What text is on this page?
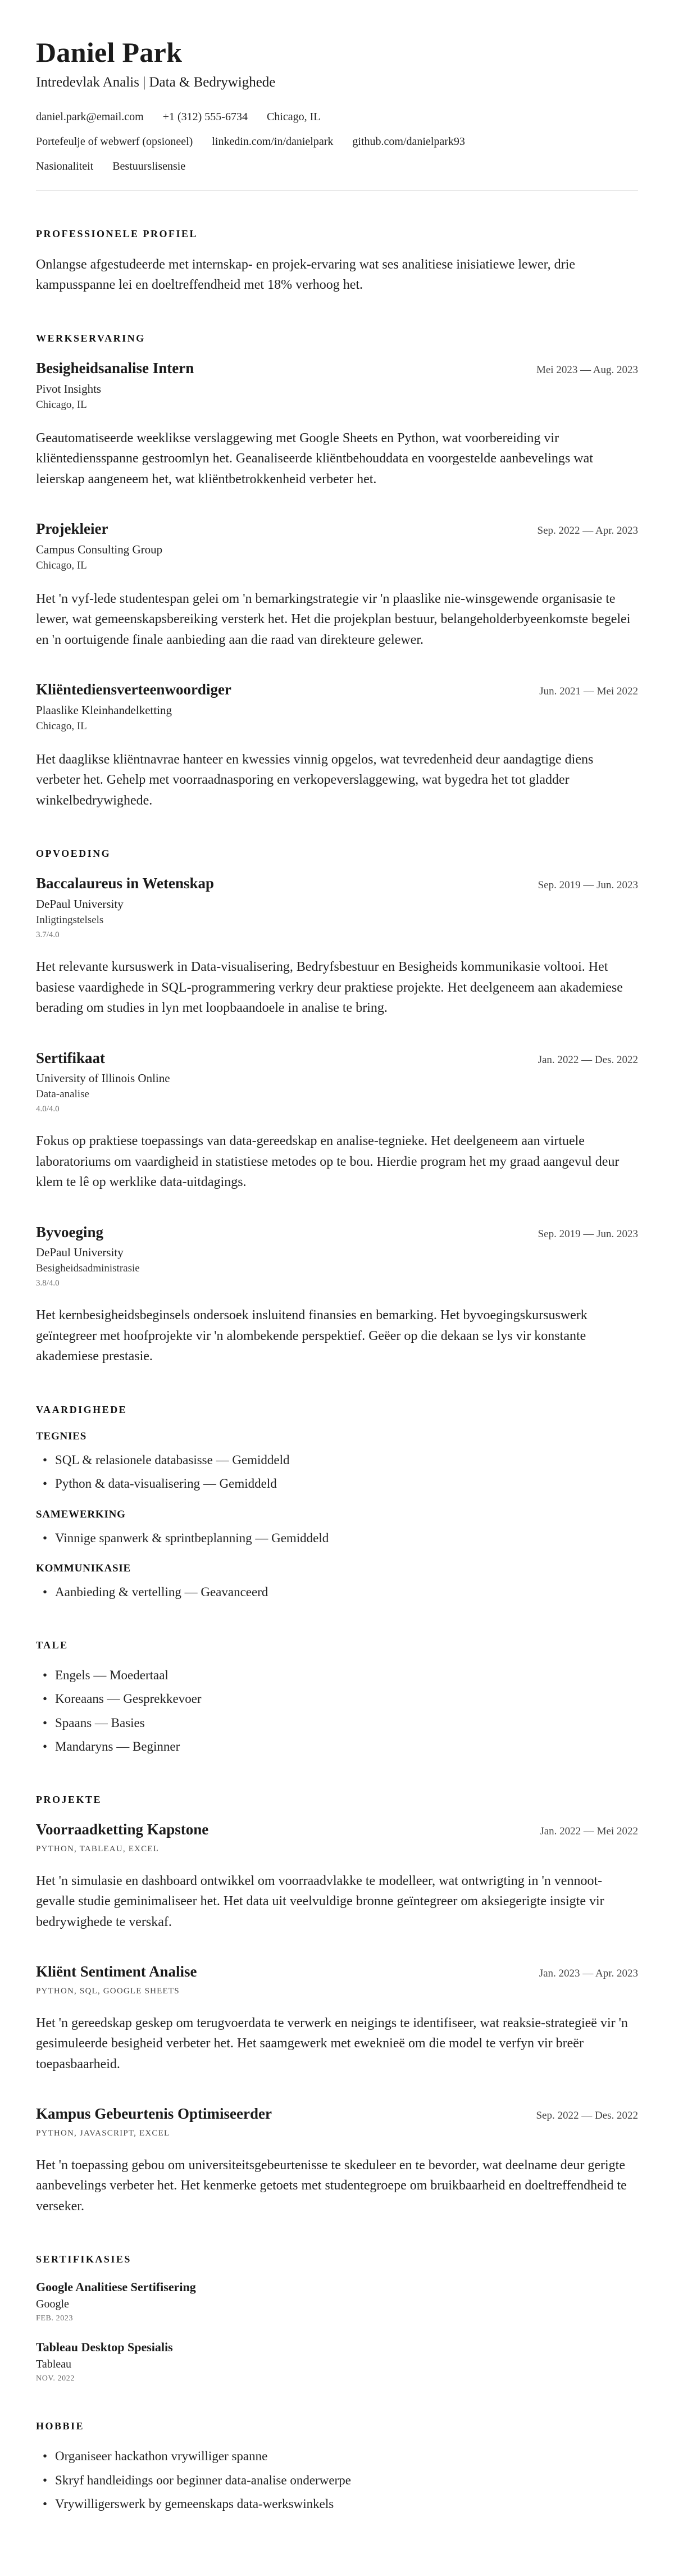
Daniel Park
Intredevlak Analis | Data & Bedrywighede
daniel.park@email.com +1 (312) 555-6734 Chicago, IL
Portefeulje of webwerf (opsioneel) linkedin.com/in/danielpark github.com/danielpark93
Nasionaliteit Bestuurslisensie
PROFESSIONELE PROFIEL

Onlangse afgestudeerde met internskap- en projek-ervaring wat ses analitiese inisiatiewe lewer, drie kampusspanne lei en doeltreffendheid met 18% verhoog het.

WERKSERVARING
Besigheidsanalise Intern	Mei 2023 — Aug. 2023
Pivot Insights
Chicago, IL

Geautomatiseerde weeklikse verslaggewing met Google Sheets en Python, wat voorbereiding vir kliëntediensspanne gestroomlyn het. Geanaliseerde kliëntbehouddata en voorgestelde aanbevelings wat leierskap aangeneem het, wat kliëntbetrokkenheid verbeter het.

Projekleier	Sep. 2022 — Apr. 2023
Campus Consulting Group
Chicago, IL

Het 'n vyf-lede studentespan gelei om 'n bemarkingstrategie vir 'n plaaslike nie-winsgewende organisasie te lewer, wat gemeenskapsbereiking versterk het. Het die projekplan bestuur, belangeholderbyeenkomste begelei en 'n oortuigende finale aanbieding aan die raad van direkteure gelewer.

Kliëntediensverteenwoordiger	Jun. 2021 — Mei 2022
Plaaslike Kleinhandelketting
Chicago, IL

Het daaglikse kliëntnavrae hanteer en kwessies vinnig opgelos, wat tevredenheid deur aandagtige diens verbeter het. Gehelp met voorraadnasporing en verkopeverslaggewing, wat bygedra het tot gladder winkelbedrywighede.

OPVOEDING
Baccalaureus in Wetenskap	Sep. 2019 — Jun. 2023
DePaul University
Inligtingstelsels
3.7/4.0

Het relevante kursuswerk in Data-visualisering, Bedryfsbestuur en Besigheids kommunikasie voltooi. Het basiese vaardighede in SQL-programmering verkry deur praktiese projekte. Het deelgeneem aan akademiese berading om studies in lyn met loopbaandoele in analise te bring.

Sertifikaat	Jan. 2022 — Des. 2022
University of Illinois Online
Data-analise
4.0/4.0

Fokus op praktiese toepassings van data-gereedskap en analise-tegnieke. Het deelgeneem aan virtuele laboratoriums om vaardigheid in statistiese metodes op te bou. Hierdie program het my graad aangevul deur klem te lê op werklike data-uitdagings.

Byvoeging	Sep. 2019 — Jun. 2023
DePaul University
Besigheidsadministrasie
3.8/4.0

Het kernbesigheidsbeginsels ondersoek insluitend finansies en bemarking. Het byvoegingskursuswerk geïntegreer met hoofprojekte vir 'n alombekende perspektief. Geëer op die dekaan se lys vir konstante akademiese prestasie.

VAARDIGHEDE
TEGNIES
• SQL & relasionele databasisse — Gemiddeld
• Python & data-visualisering — Gemiddeld
SAMEWERKING
• Vinnige spanwerk & sprintbeplanning — Gemiddeld
KOMMUNIKASIE
• Aanbieding & vertelling — Geavanceerd
TALE
• Engels — Moedertaal
• Koreaans — Gesprekkevoer
• Spaans — Basies
• Mandaryns — Beginner
PROJEKTE
Voorraadketting Kapstone	Jan. 2022 — Mei 2022
PYTHON, TABLEAU, EXCEL

Het 'n simulasie en dashboard ontwikkel om voorraadvlakke te modelleer, wat ontwrigting in 'n vennoot-gevalle studie geminimaliseer het. Het data uit veelvuldige bronne geïntegreer om aksiegerigte insigte vir bedrywighede te verskaf.

Kliënt Sentiment Analise	Jan. 2023 — Apr. 2023
PYTHON, SQL, GOOGLE SHEETS

Het 'n gereedskap geskep om terugvoerdata te verwerk en neigings te identifiseer, wat reaksie-strategieë vir 'n gesimuleerde besigheid verbeter het. Het saamgewerk met eweknieë om die model te verfyn vir breër toepasbaarheid.

Kampus Gebeurtenis Optimiseerder	Sep. 2022 — Des. 2022
PYTHON, JAVASCRIPT, EXCEL

Het 'n toepassing gebou om universiteitsgebeurtenisse te skeduleer en te bevorder, wat deelname deur gerigte aanbevelings verbeter het. Het kenmerke getoets met studentegroepe om bruikbaarheid en doeltreffendheid te verseker.

SERTIFIKASIES
Google Analitiese Sertifisering
Google
FEB. 2023
Tableau Desktop Spesialis
Tableau
NOV. 2022
HOBBIE
• Organiseer hackathon vrywilliger spanne
• Skryf handleidings oor beginner data-analise onderwerpe
• Vrywilligerswerk by gemeenskaps data-werkswinkels
